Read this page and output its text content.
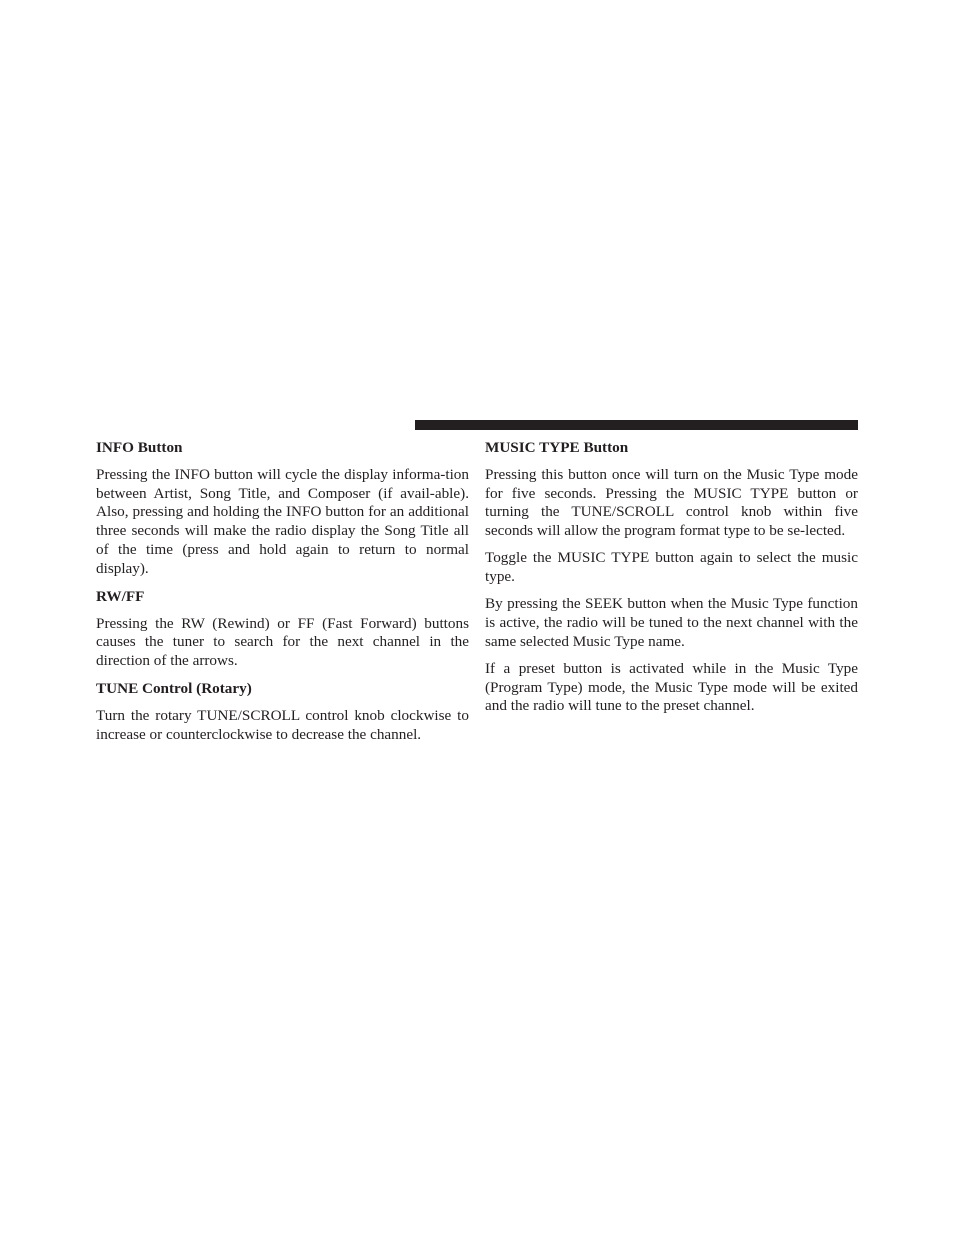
INFO Button

Pressing the INFO button will cycle the display informa-tion between Artist, Song Title, and Composer (if avail-able). Also, pressing and holding the INFO button for an additional three seconds will make the radio display the Song Title all of the time (press and hold again to return to normal display).

RW/FF

Pressing the RW (Rewind) or FF (Fast Forward) buttons causes the tuner to search for the next channel in the direction of the arrows.

TUNE Control (Rotary)

Turn the rotary TUNE/SCROLL control knob clockwise to increase or counterclockwise to decrease the channel.

MUSIC TYPE Button

Pressing this button once will turn on the Music Type mode for five seconds. Pressing the MUSIC TYPE button or turning the TUNE/SCROLL control knob within five seconds will allow the program format type to be se-lected.

Toggle the MUSIC TYPE button again to select the music type.

By pressing the SEEK button when the Music Type function is active, the radio will be tuned to the next channel with the same selected Music Type name.

If a preset button is activated while in the Music Type (Program Type) mode, the Music Type mode will be exited and the radio will tune to the preset channel.
